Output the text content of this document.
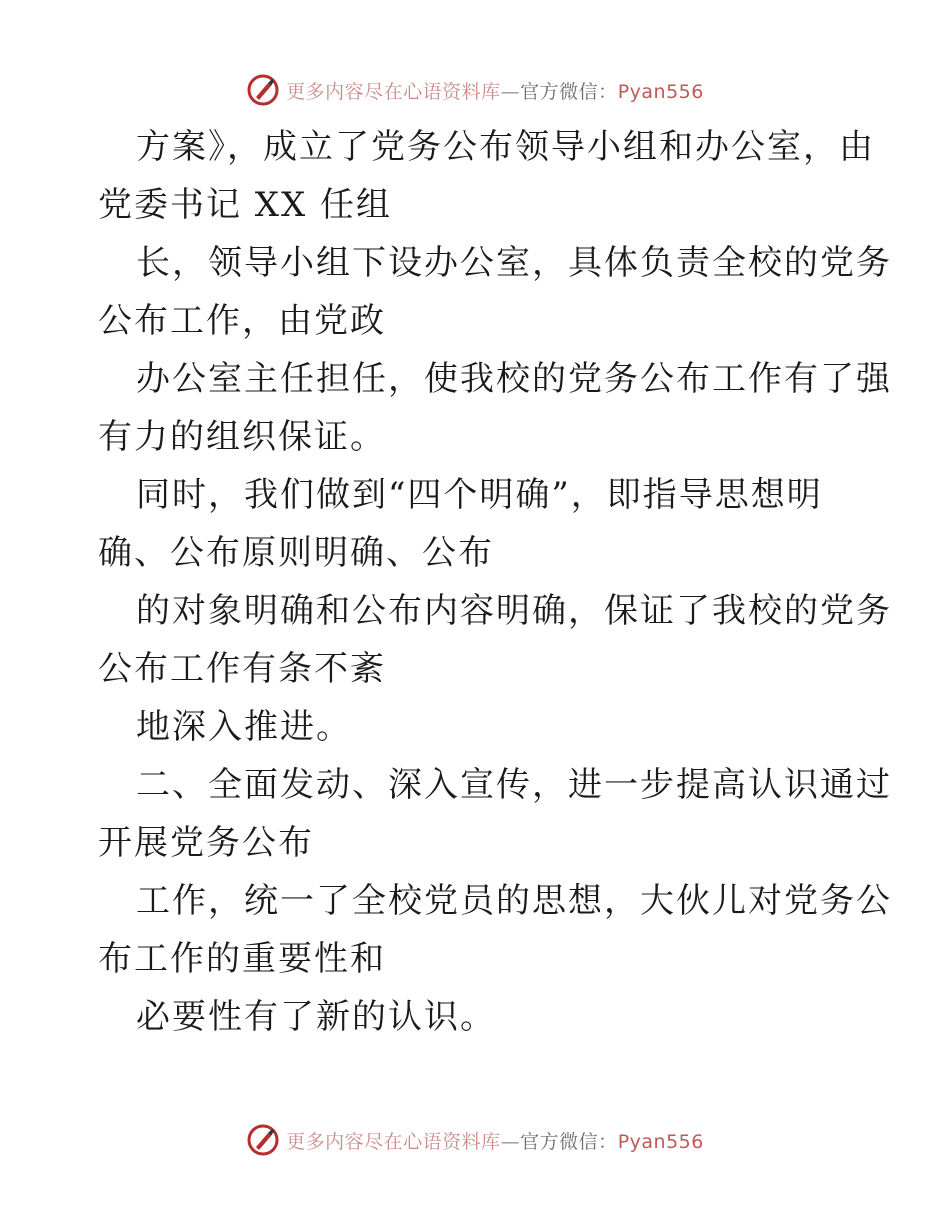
更多内容尽在心语资料库—官方微信：Pyan556
方案》，成立了党务公布领导小组和办公室，由
党委书记 XX 任组
长，领导小组下设办公室，具体负责全校的党务
公布工作，由党政
办公室主任担任，使我校的党务公布工作有了强
有力的组织保证。
同时，我们做到“四个明确”，即指导思想明
确、公布原则明确、公布
的对象明确和公布内容明确，保证了我校的党务
公布工作有条不紊
地深入推进。
二、全面发动、深入宣传，进一步提高认识通过
开展党务公布
工作，统一了全校党员的思想，大伙儿对党务公
布工作的重要性和
必要性有了新的认识。
更多内容尽在心语资料库—官方微信：Pyan556
